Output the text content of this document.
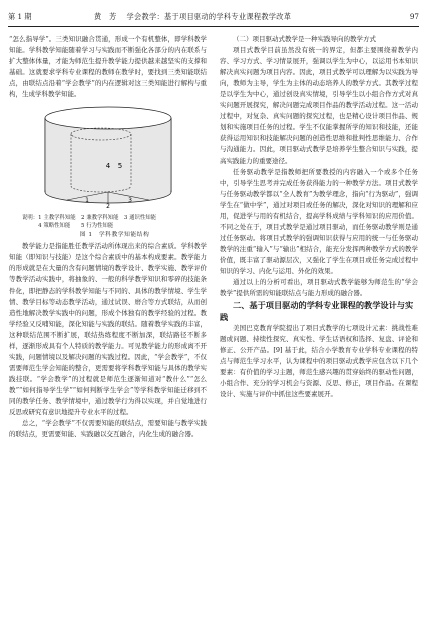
第 1 期	黄　芳　 学会教学：基于项目驱动的学科专业课程教学改革	97

“怎么指导学”。三类知识融合贯通，形成一个有机整体，即学科教学知能。学科教学知能随着学习与实践而不断强化各部分的内在联系与扩大整体体量，才能为师范生提升教学能力提供越来越坚实的支撑和基础。这就要求学科专业课程的教师在教学时，要找到三类知能联结点，由联结点沿着“学会教学”的内在逻辑对这三类知能进行解构与重构，生成学科教学知能。

4 5
1
2
3

说明：1 主教学科知能　2 兼教学科知能　3 通识性知能

　　　4 策略性知能　　5 行为性知能

图 1　学科教学知能结构

教学能力是指能胜任教学活动所体现出来的综合素质。学科教学知能（即知识与技能）是这个综合素质中的基本构成要素。教学能力的形成就是在大量的含有问题情境的教学设计、教学实施、教学评价等教学活动实践中，将抽象的、一般的科学教学知识和零碎的技能条件化，即把静态的学科教学知能与不同的、具体的教学情境、学生学情、教学目标等动态教学活动，通过试误、磨合等方式联结，从而创造性地解决教学实践中的问题，形成个体独有的教学经验的过程。教学经验又反哺知能，深化知能与实践的联结。随着教学实践的丰富，这种联结范围不断扩展，联结热练程度不断加深，联结路径不断多样，逐渐形成具有个人特质的教学能力。可见教学能力的形成离不开实践，问题情境以及解决问题的实践过程。因此，“学会教学”，不仅需要师范生学会知能的整合，更需要将学科教学知能与具体的教学实践挂联。“学会教学”的过程就是师范生逐渐知道对“教什么”“怎么教”“如何指导学生学”“如何判断学生学会”等学科教学知能迁移到不同的教学任务、教学情境中，通过教学行为得以实现，并自觉地进行反思或研究有意识地提升专业水平的过程。

总之，“学会教学”不仅需要知能的联结点，需要知能与教学实践的联结点，更需要知能、实践融以交互融合，内化生成的融合器。

（二）项目驱动式教学是一种实践导向的教学方式

项目式教学目前虽然没有统一的界定，但都主要围绕着教学内容、学习方式、学习情景展开，强调以学生为中心，以运用书本知识解决真实问题为项目内容。因此，项目式教学可以理解为以实践为导向，教师为主导，学生为主体的动态培养人的教学方式。其教学过程是以学生为中心，通过创设真实情境，引导学生以小组合作方式对真实问题开展探究，解决问题完成项目作品的教学活动过程。这一活动过程中，对复杂、真实问题的探究过程，也是精心设计项目作品、规划和实施项目任务的过程。学生不仅能掌握所学的知识和技能，还能获得运用知识和技能解决问题的创造性思维和批判性思维能力、合作与沟通能力。因此，项目驱动式教学是培养学生整合知识与实践，提高实践能力的重要途径。

任务驱动教学是指教师把所要教授的内容融入一个或多个任务中，引导学生思考并完成任务获得能力的一种教学方法。项目式教学与任务驱动教学都以“全人教育”为教学理念，指向“行为驱动”，强调学生在“做中学”，通过对项目或任务的解决，深化对知识的理解和应用，促进学与用的有机结合，提高学科成绩与学科知识的应用价值。不同之处在于，项目式教学是通过项目驱动，而任务驱动教学则是通过任务驱动。将项目式教学的强调知识获得与应用的统一与任务驱动教学的注重“输入”与“输出”相结合，能充分发挥两种教学方式的教学价值，既丰富了驱动源层次，又强化了学生在项目或任务完成过程中知识的学习、内化与运用、外化的效果。

通过以上的分析可看出，项目驱动式教学能够为师范生的“学会教学”提供所需的知能联结点与能力形成的融合器。

二、基于项目驱动的学科专业课程的教学设计与实践

美国巴克教育学院提出了项目式教学的七项设计元素：挑战性难题或问题、持续性探究、真实性、学生话语权和选择、复盘、评论和修正、公开产品。[9] 基于此，结合小学教育专业学科专业课程的特点与师范生学习水平，认为课程中的项目驱动式教学应包含以下几个要素：有价值的学习主题，师范生感兴趣的贯穿始终的驱动性问题，小组合作、充分的学习机会与资源、反思、修正，项目作品。在课程设计、实施与评价中抓住这些要素展开。
